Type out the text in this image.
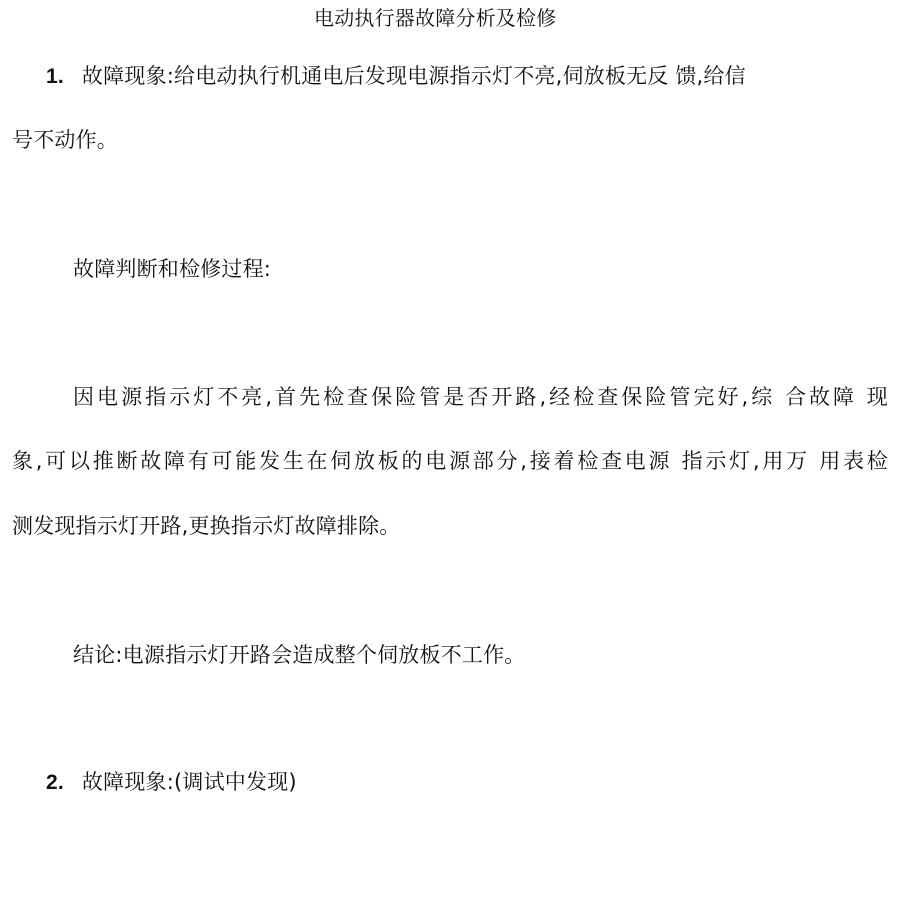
电动执行器故障分析及检修
1. 故障现象:给电动执行机通电后发现电源指示灯不亮,伺放板无反 馈,给信
号不动作。
故障判断和检修过程:
因电源指示灯不亮,首先检查保险管是否开路,经检查保险管完好,综 合故障 现
象,可以推断故障有可能发生在伺放板的电源部分,接着检查电源 指示灯,用万 用表检
测发现指示灯开路,更换指示灯故障排除。
结论:电源指示灯开路会造成整个伺放板不工作。
2. 故障现象:(调试中发现)
